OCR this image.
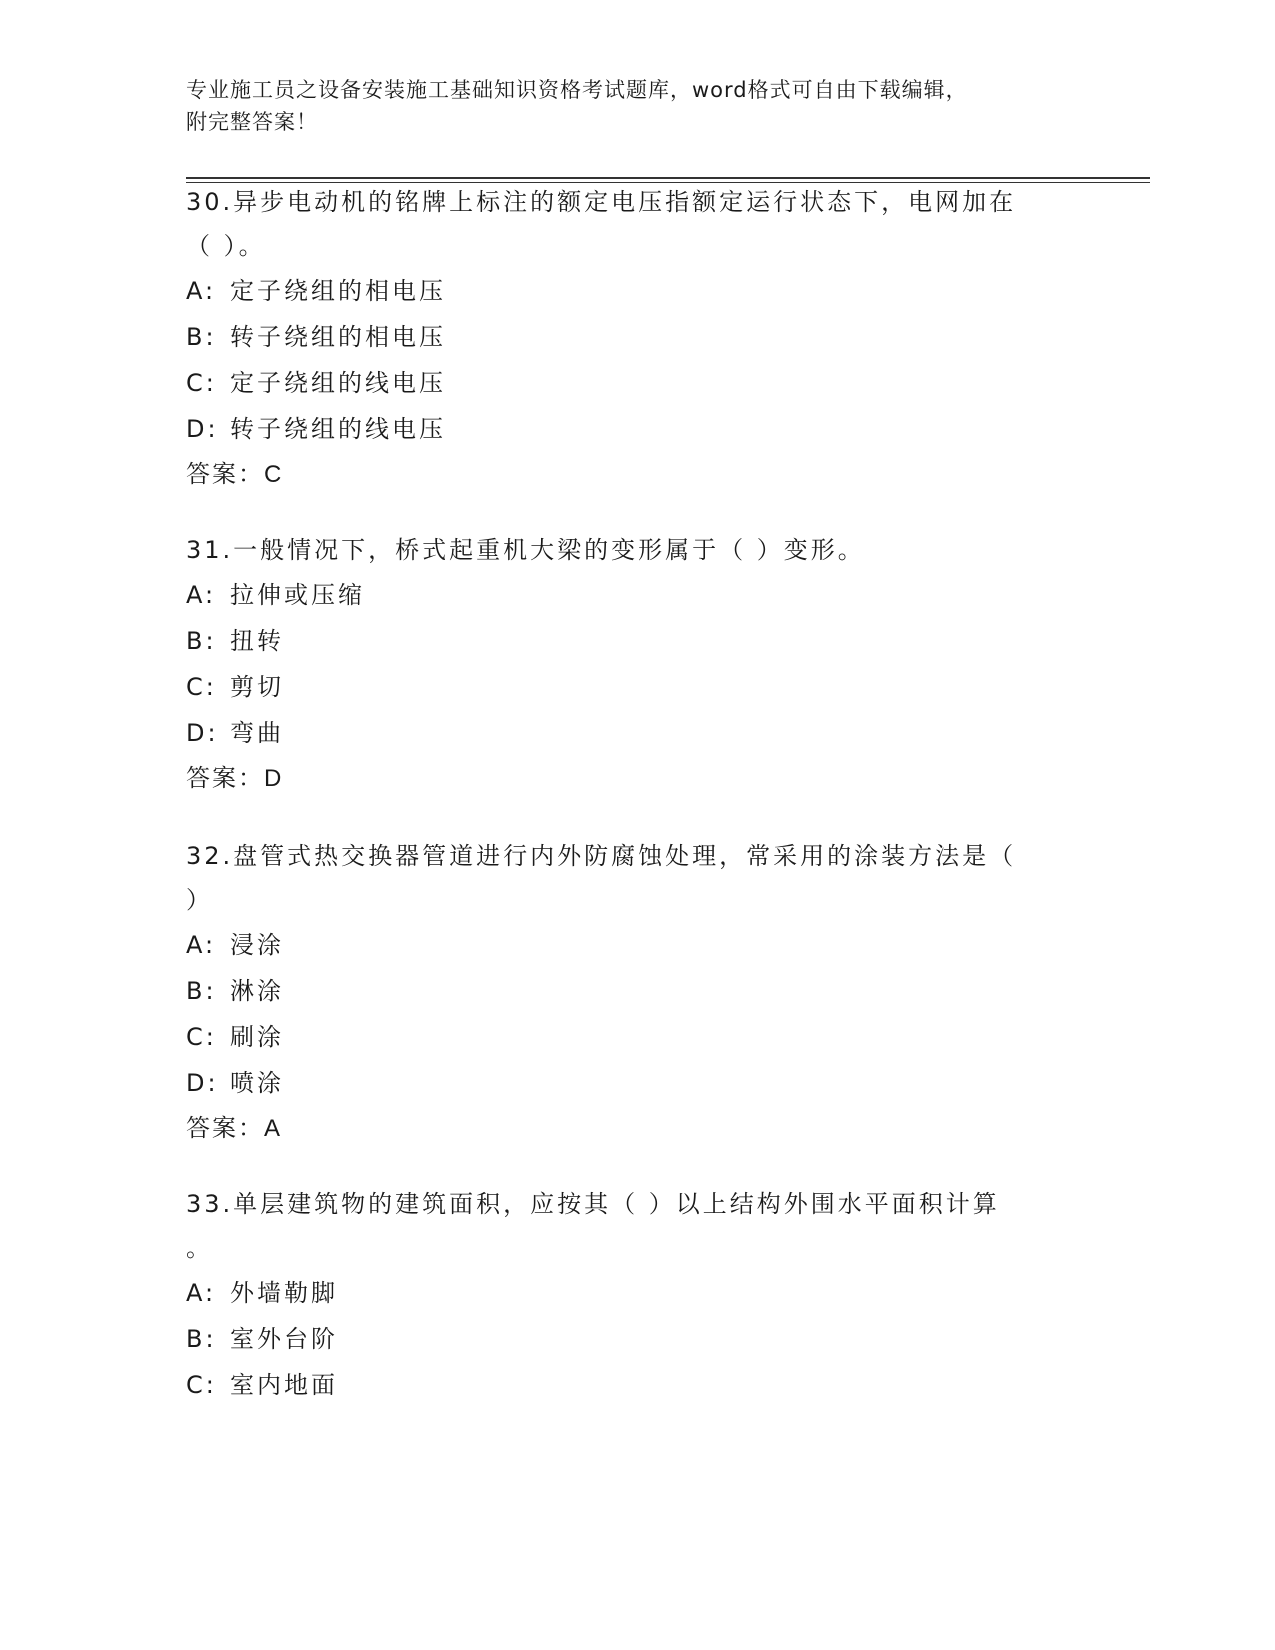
专业施工员之设备安装施工基础知识资格考试题库，word格式可自由下载编辑，
附完整答案！

30.异步电动机的铭牌上标注的额定电压指额定运行状态下，电网加在

（ ）。

A: 定子绕组的相电压

B: 转子绕组的相电压

C: 定子绕组的线电压

D: 转子绕组的线电压

答案：C

31.一般情况下，桥式起重机大梁的变形属于（ ）变形。

A: 拉伸或压缩

B: 扭转

C: 剪切

D: 弯曲

答案：D

32.盘管式热交换器管道进行内外防腐蚀处理，常采用的涂装方法是（

）

A: 浸涂

B: 淋涂

C: 刷涂

D: 喷涂

答案：A

33.单层建筑物的建筑面积，应按其（ ）以上结构外围水平面积计算

。

A: 外墙勒脚

B: 室外台阶

C: 室内地面
